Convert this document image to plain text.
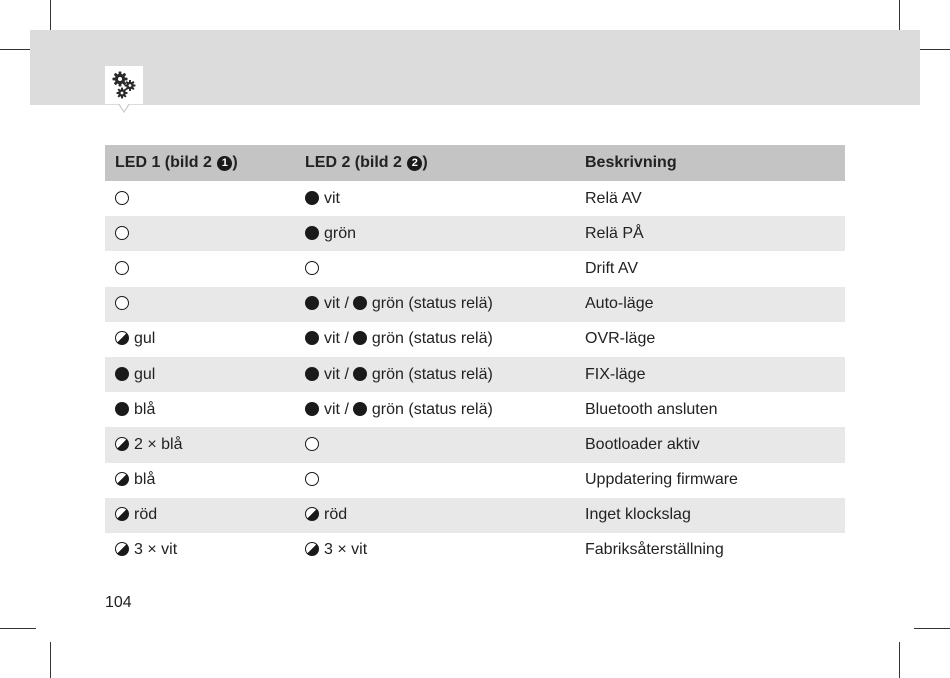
LED 1 (bild 2 1 )	LED 2 (bild 2 2 )	Beskrivning
	vit	Relä AV
	grön	Relä PÅ
		Drift AV
	vit / grön (status relä)	Auto-läge
gul	vit / grön (status relä)	OVR-läge
gul	vit / grön (status relä)	FIX-läge
blå	vit / grön (status relä)	Bluetooth ansluten
2 × blå		Bootloader aktiv
blå		Uppdatering firmware
röd	röd	Inget klockslag
3 × vit	3 × vit	Fabriksåterställning
104
